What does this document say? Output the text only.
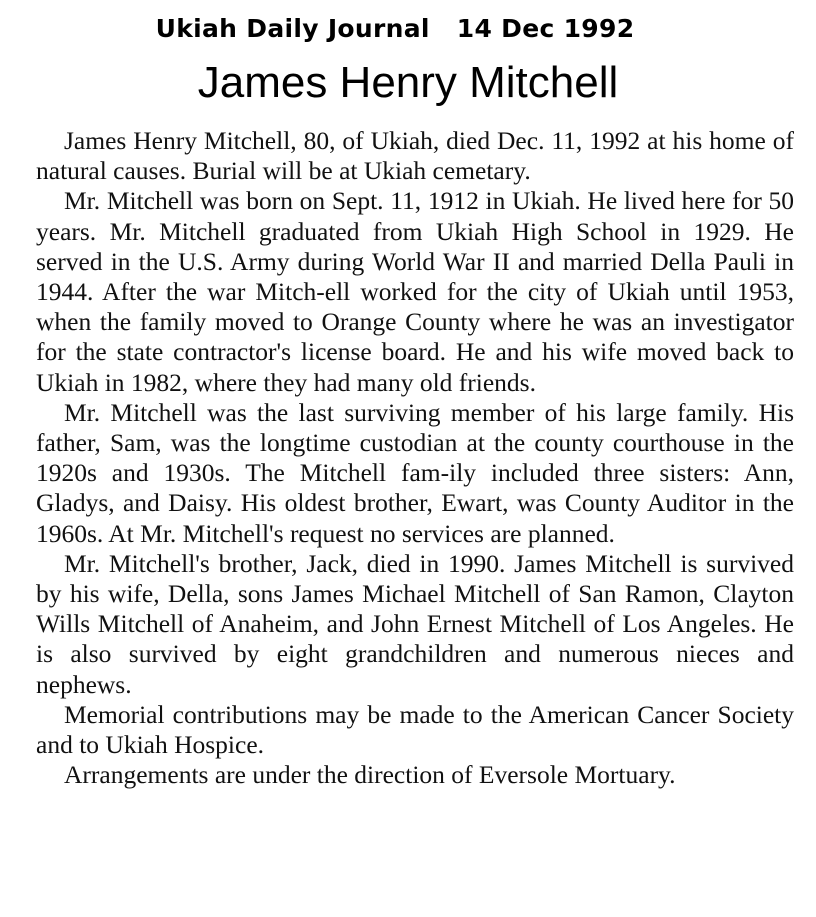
Ukiah Daily Journal 14 Dec 1992
James Henry Mitchell

James Henry Mitchell, 80, of Ukiah, died Dec. 11, 1992 at his home of natural causes. Burial will be at Ukiah cemetary.

Mr. Mitchell was born on Sept. 11, 1912 in Ukiah. He lived here for 50 years. Mr. Mitchell graduated from Ukiah High School in 1929. He served in the U.S. Army during World War II and married Della Pauli in 1944. After the war Mitch-ell worked for the city of Ukiah until 1953, when the family moved to Orange County where he was an investigator for the state contractor's license board. He and his wife moved back to Ukiah in 1982, where they had many old friends.

Mr. Mitchell was the last surviving member of his large family. His father, Sam, was the longtime custodian at the county courthouse in the 1920s and 1930s. The Mitchell fam-ily included three sisters: Ann, Gladys, and Daisy. His oldest brother, Ewart, was County Auditor in the 1960s. At Mr. Mitchell's request no services are planned.

Mr. Mitchell's brother, Jack, died in 1990. James Mitchell is survived by his wife, Della, sons James Michael Mitchell of San Ramon, Clayton Wills Mitchell of Anaheim, and John Ernest Mitchell of Los Angeles. He is also survived by eight grandchildren and numerous nieces and nephews.

Memorial contributions may be made to the American Cancer Society and to Ukiah Hospice.

Arrangements are under the direction of Eversole Mortuary.
